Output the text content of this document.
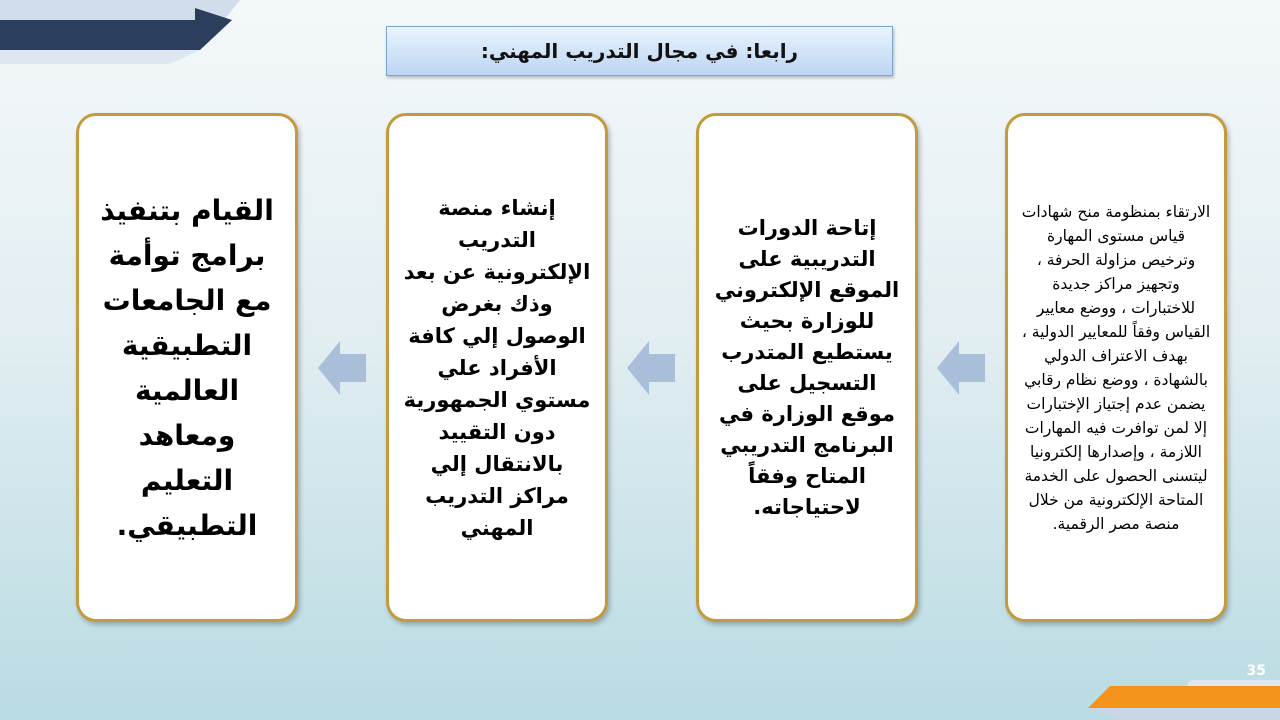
رابعا: في مجال التدريب المهني:
الارتقاء بمنظومة منح شهادات قياس مستوى المهارة وترخيص مزاولة الحرفة ، وتجهيز مراكز جديدة للاختبارات ، ووضع معايير القياس وفقاً للمعايير الدولية ، بهدف الاعتراف الدولي بالشهادة ، ووضع نظام رقابي يضمن عدم إجتياز الإختبارات إلا لمن توافرت فيه المهارات اللازمة ، وإصدارها إلكترونيا ليتسنى الحصول على الخدمة المتاحة الإلكترونية من خلال منصة مصر الرقمية.
إتاحة الدورات التدريبية على الموقع الإلكتروني للوزارة بحيث يستطيع المتدرب التسجيل على موقع الوزارة في البرنامج التدريبي المتاح وفقاً لاحتياجاته.
إنشاء منصة التدريب الإلكترونية عن بعد وذك بغرض الوصول إلي كافة الأفراد علي مستوي الجمهورية دون التقييد بالانتقال إلي مراكز التدريب المهني
القيام بتنفيذ برامج توأمة مع الجامعات التطبيقية العالمية ومعاهد التعليم التطبيقي.
35
